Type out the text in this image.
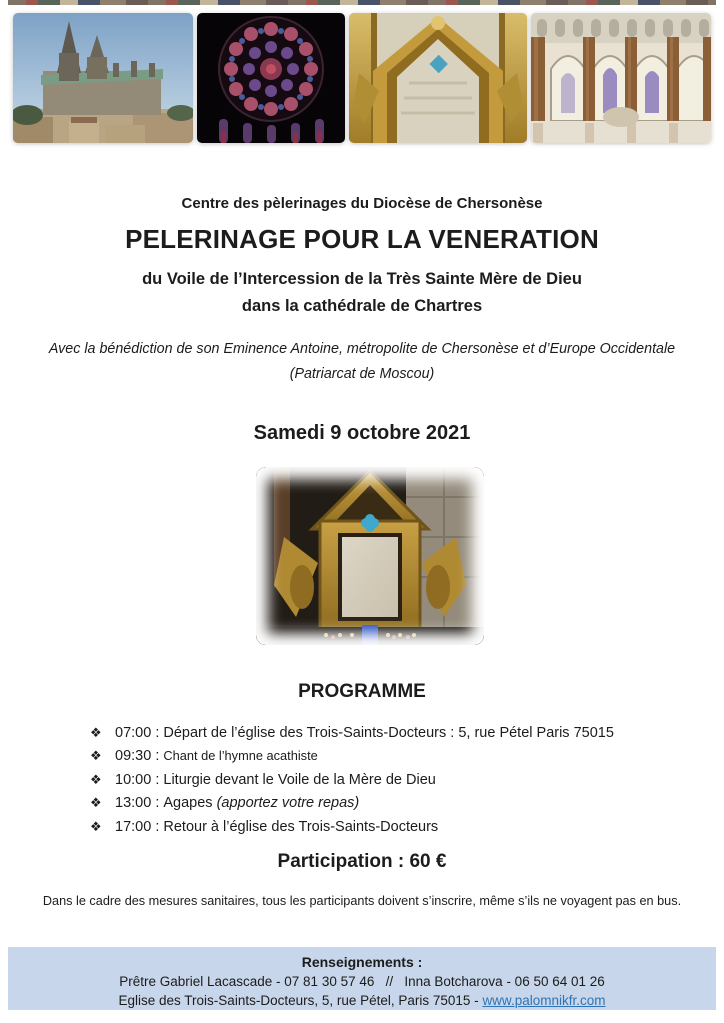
Centre des pèlerinages du Diocèse de Chersonèse
PELERINAGE POUR LA VENERATION
du Voile de l’Intercession de la Très Sainte Mère de Dieu
dans la cathédrale de Chartres
Avec la bénédiction de son Eminence Antoine, métropolite de Chersonèse et d’Europe Occidentale
(Patriarcat de Moscou)
Samedi 9 octobre 2021
PROGRAMME
❖ 07:00 : Départ de l’église des Trois-Saints-Docteurs : 5, rue Pétel Paris 75015
❖ 09:30 : Chant de l’hymne acathiste
❖ 10:00 : Liturgie devant le Voile de la Mère de Dieu
❖ 13:00 : Agapes (apportez votre repas)
❖ 17:00 : Retour à l’église des Trois-Saints-Docteurs
Participation : 60 €
Dans le cadre des mesures sanitaires, tous les participants doivent s’inscrire, même s’ils ne voyagent pas en bus.
Renseignements :
Prêtre Gabriel Lacascade - 07 81 30 57 46   //   Inna Botcharova - 06 50 64 01 26
Eglise des Trois-Saints-Docteurs, 5, rue Pétel, Paris 75015 - www.palomnikfr.com
